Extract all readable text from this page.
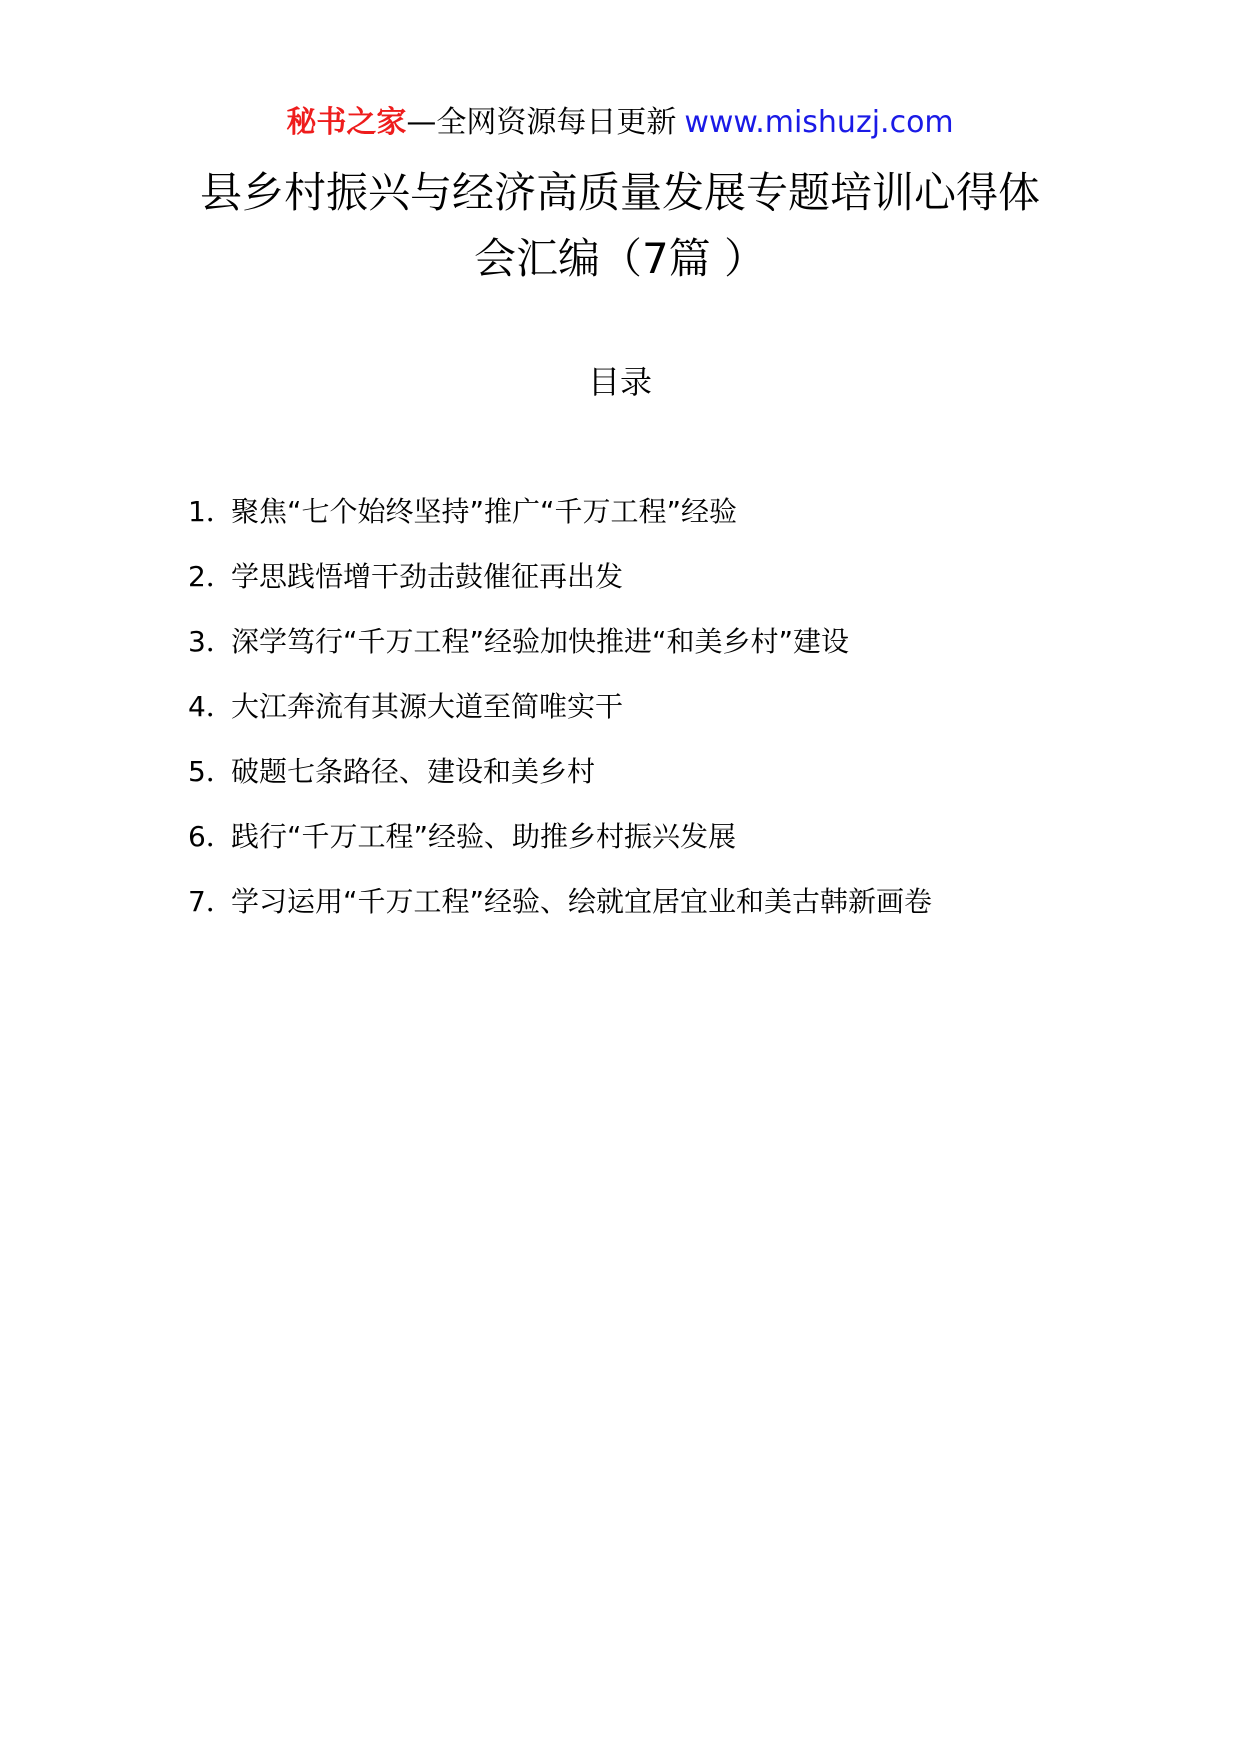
秘书之家—全网资源每日更新 www.mishuzj.com
县乡村振兴与经济高质量发展专题培训心得体
会汇编（7篇 ）
目录
1．聚焦“七个始终坚持”推广“千万工程”经验
2．学思践悟增干劲击鼓催征再出发
3．深学笃行“千万工程”经验加快推进“和美乡村”建设
4．大江奔流有其源大道至简唯实干
5．破题七条路径、建设和美乡村
6．践行“千万工程”经验、助推乡村振兴发展
7．学习运用“千万工程”经验、绘就宜居宜业和美古韩新画卷
